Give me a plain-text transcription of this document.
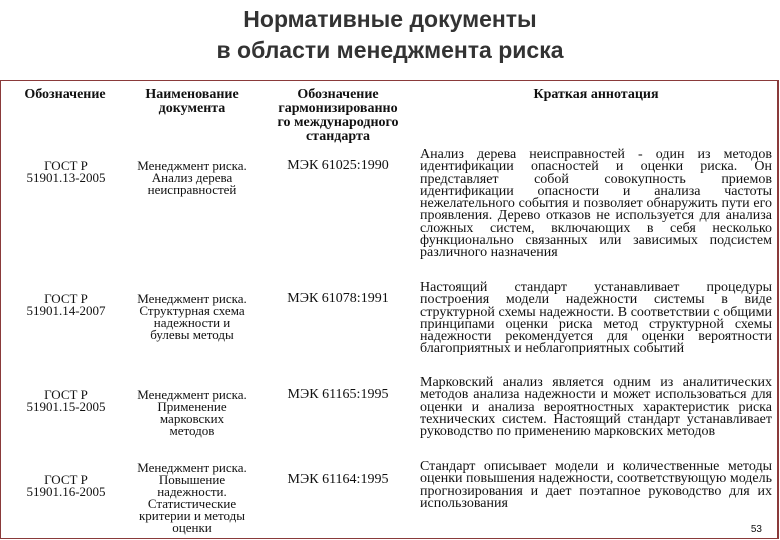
Нормативные документы
в области менеджмента риска
Обозначение	Наименование
документа
Обозначение
гармонизированно
го международного
стандарта
Краткая аннотация
ГОСТ Р
51901.13-2005
Менеджмент риска.
Анализ дерева
неисправностей
МЭК 61025:1990
Анализ дерева неисправностей - один из методов идентификации опасностей и оценки риска. Он представляет собой совокупность приемов идентификации опасности и анализа частоты нежелательного события и позволяет обнаружить пути его проявления. Дерево отказов не используется для анализа сложных систем, включающих в себя несколько функционально связанных или зависимых подсистем различного назначения
ГОСТ Р
51901.14-2007
Менеджмент риска.
Структурная схема
надежности и
булевы методы
МЭК 61078:1991
Настоящий стандарт устанавливает процедуры построения модели надежности системы в виде структурной схемы надежности. В соответствии с общими принципами оценки риска метод структурной схемы надежности рекомендуется для оценки вероятности благоприятных и неблагоприятных событий
ГОСТ Р
51901.15-2005
Менеджмент риска.
Применение
марковских
методов
МЭК 61165:1995
Марковский анализ является одним из аналитических методов анализа надежности и может использоваться для оценки и анализа вероятностных характеристик риска технических систем. Настоящий стандарт устанавливает руководство по применению марковских методов
ГОСТ Р
51901.16-2005
Менеджмент риска.
Повышение
надежности.
Статистические
критерии и методы
оценки
МЭК 61164:1995
Стандарт описывает модели и количественные методы оценки повышения надежности, соответствующую модель прогнозирования и дает поэтапное руководство для их использования
53
